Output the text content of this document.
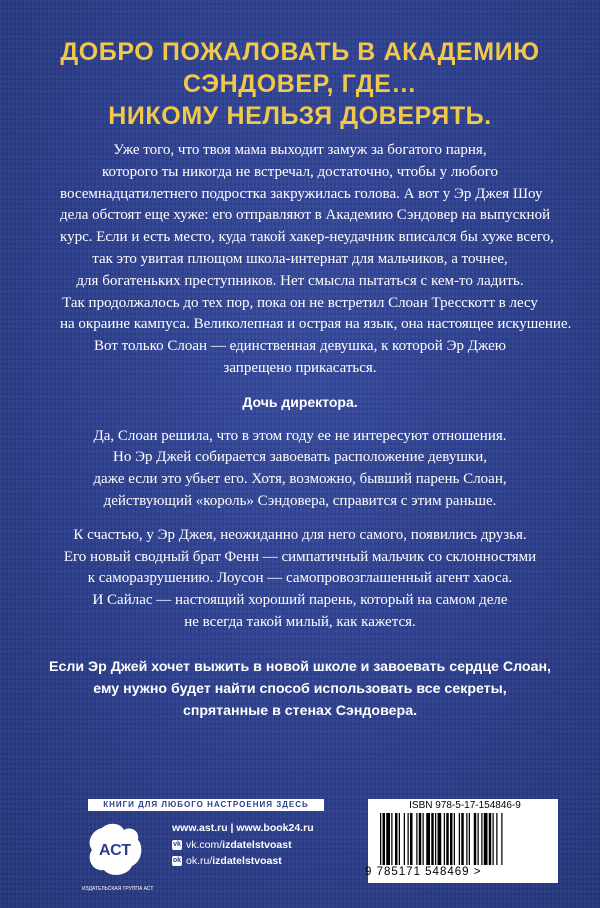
ДОБРО ПОЖАЛОВАТЬ В АКАДЕМИЮ
СЭНДОВЕР, ГДЕ…
НИКОМУ НЕЛЬЗЯ ДОВЕРЯТЬ.
Уже того, что твоя мама выходит замуж за богатого парня,
которого ты никогда не встречал, достаточно, чтобы у любого
восемнадцатилетнего подростка закружилась голова. А вот у Эр Джея Шоу
дела обстоят еще хуже: его отправляют в Академию Сэндовер на выпускной
курс. Если и есть место, куда такой хакер-неудачник вписался бы хуже всего,
так это увитая плющом школа-интернат для мальчиков, а точнее,
для богатеньких преступников. Нет смысла пытаться с кем-то ладить.
Так продолжалось до тех пор, пока он не встретил Слоан Тресскотт в лесу
на окраине кампуса. Великолепная и острая на язык, она настоящее искушение.
Вот только Слоан — единственная девушка, к которой Эр Джею
запрещено прикасаться.
Дочь директора.
Да, Слоан решила, что в этом году ее не интересуют отношения.
Но Эр Джей собирается завоевать расположение девушки,
даже если это убьет его. Хотя, возможно, бывший парень Слоан,
действующий «король» Сэндовера, справится с этим раньше.
К счастью, у Эр Джея, неожиданно для него самого, появились друзья.
Его новый сводный брат Фенн — симпатичный мальчик со склонностями
к саморазрушению. Лоусон — самопровозглашенный агент хаоса.
И Сайлас — настоящий хороший парень, который на самом деле
не всегда такой милый, как кажется.
Если Эр Джей хочет выжить в новой школе и завоевать сердце Слоан,
ему нужно будет найти способ использовать все секреты,
спрятанные в стенах Сэндовера.
КНИГИ ДЛЯ ЛЮБОГО НАСТРОЕНИЯ ЗДЕСЬ
АСТ
ИЗДАТЕЛЬСКАЯ ГРУППА АСТ
www.ast.ru | www.book24.ru
vk vk.com/ izdatelstvoast
ok ok.ru/ izdatelstvoast
ISBN 978-5-17-154846-9
9 785171 548469 >
